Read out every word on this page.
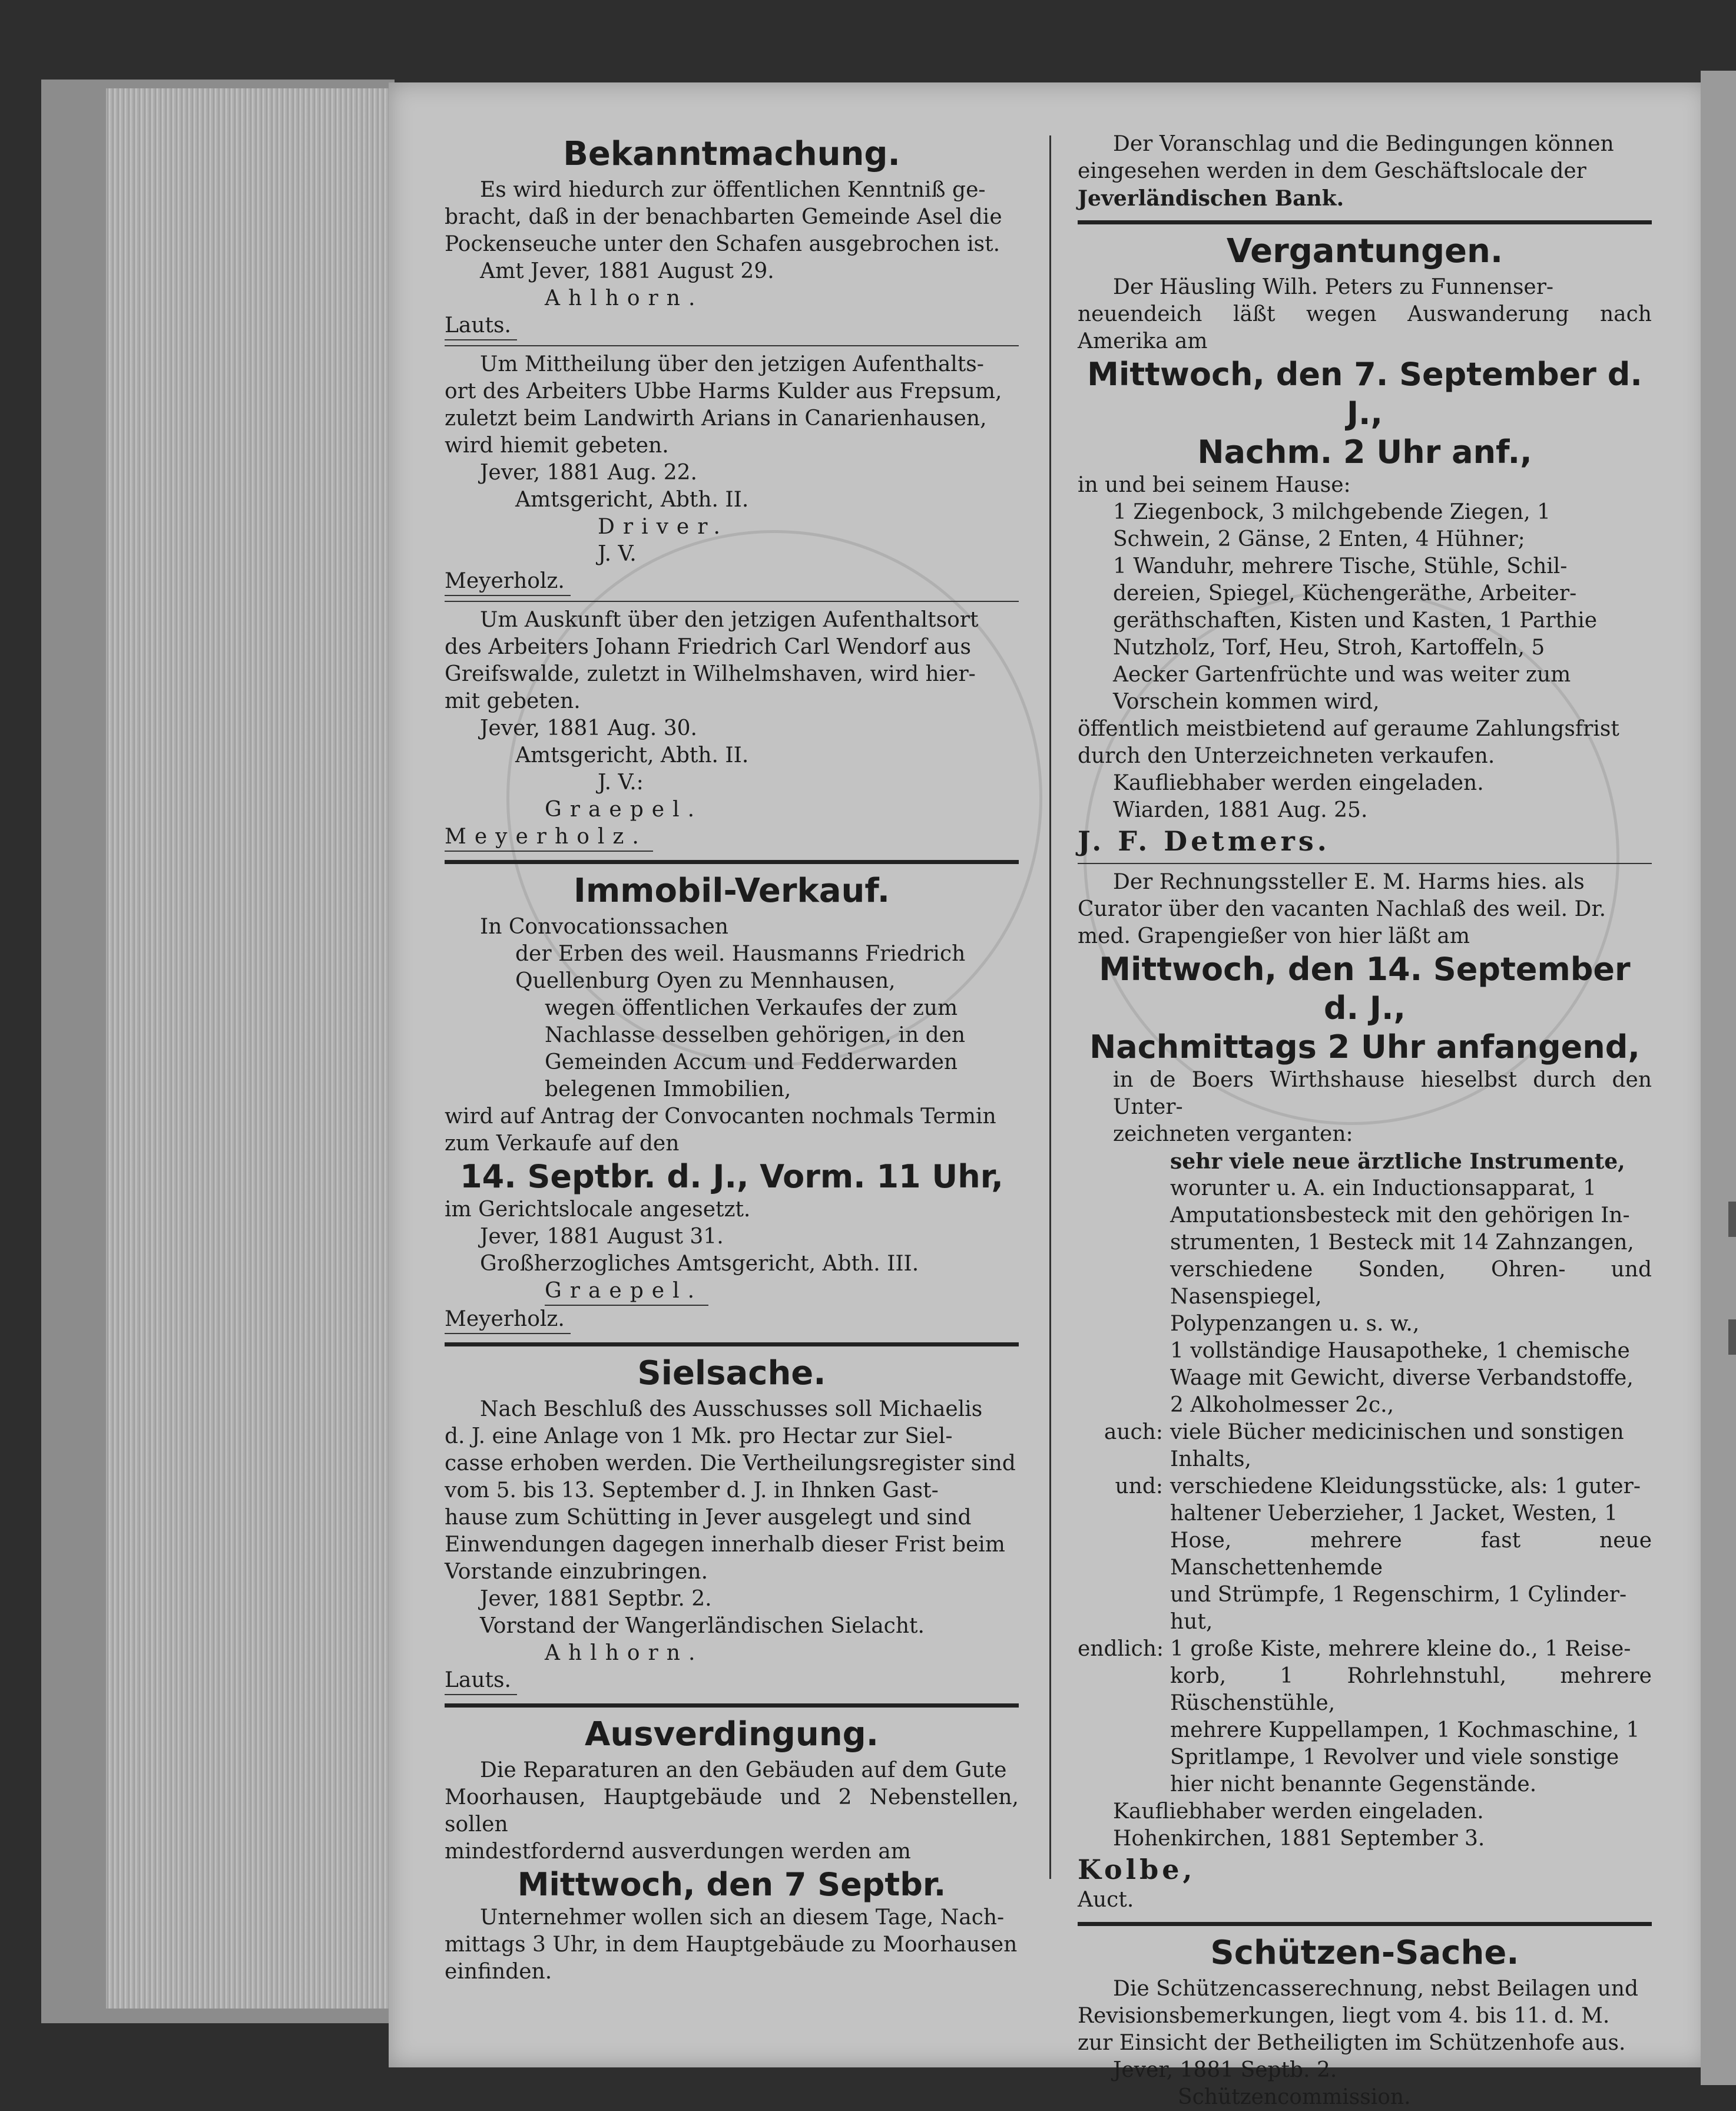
Bekanntmachung.

Es wird hiedurch zur öffentlichen Kenntniß ge-

bracht, daß in der benachbarten Gemeinde Asel die

Pockenseuche unter den Schafen ausgebrochen ist.

Amt Jever, 1881 August 29.

Ahlhorn.

Lauts.

Um Mittheilung über den jetzigen Aufenthalts-

ort des Arbeiters Ubbe Harms Kulder aus Frepsum,

zuletzt beim Landwirth Arians in Canarienhausen,

wird hiemit gebeten.

Jever, 1881 Aug. 22.

Amtsgericht, Abth. II.

Driver.

J. V.

Meyerholz.

Um Auskunft über den jetzigen Aufenthaltsort

des Arbeiters Johann Friedrich Carl Wendorf aus

Greifswalde, zuletzt in Wilhelmshaven, wird hier-

mit gebeten.

Jever, 1881 Aug. 30.

Amtsgericht, Abth. II.

J. V.:

Graepel.

Meyerholz.

Immobil-Verkauf.

In Convocationssachen

der Erben des weil. Hausmanns Friedrich

Quellenburg Oyen zu Mennhausen,

wegen öffentlichen Verkaufes der zum

Nachlasse desselben gehörigen, in den

Gemeinden Accum und Fedderwarden

belegenen Immobilien,

wird auf Antrag der Convocanten nochmals Termin

zum Verkaufe auf den

14. Septbr. d. J., Vorm. 11 Uhr,

im Gerichtslocale angesetzt.

Jever, 1881 August 31.

Großherzogliches Amtsgericht, Abth. III.

Graepel.

Meyerholz.

Sielsache.

Nach Beschluß des Ausschusses soll Michaelis

d. J. eine Anlage von 1 Mk. pro Hectar zur Siel-

casse erhoben werden. Die Vertheilungsregister sind

vom 5. bis 13. September d. J. in Ihnken Gast-

hause zum Schütting in Jever ausgelegt und sind

Einwendungen dagegen innerhalb dieser Frist beim

Vorstande einzubringen.

Jever, 1881 Septbr. 2.

Vorstand der Wangerländischen Sielacht.

Ahlhorn.

Lauts.

Ausverdingung.

Die Reparaturen an den Gebäuden auf dem Gute

Moorhausen, Hauptgebäude und 2 Nebenstellen, sollen

mindestfordernd ausverdungen werden am

Mittwoch, den 7 Septbr.

Unternehmer wollen sich an diesem Tage, Nach-

mittags 3 Uhr, in dem Hauptgebäude zu Moorhausen

einfinden.

Der Voranschlag und die Bedingungen können

eingesehen werden in dem Geschäftslocale der

Jeverländischen Bank.

Vergantungen.

Der Häusling Wilh. Peters zu Funnenser-

neuendeich läßt wegen Auswanderung nach Amerika am

Mittwoch, den 7. September d. J.,
Nachm. 2 Uhr anf.,

in und bei seinem Hause:

1 Ziegenbock, 3 milchgebende Ziegen, 1

Schwein, 2 Gänse, 2 Enten, 4 Hühner;

1 Wanduhr, mehrere Tische, Stühle, Schil-

dereien, Spiegel, Küchengeräthe, Arbeiter-

geräthschaften, Kisten und Kasten, 1 Parthie

Nutzholz, Torf, Heu, Stroh, Kartoffeln, 5

Aecker Gartenfrüchte und was weiter zum

Vorschein kommen wird,

öffentlich meistbietend auf geraume Zahlungsfrist

durch den Unterzeichneten verkaufen.

Kaufliebhaber werden eingeladen.

Wiarden, 1881 Aug. 25.

J. F. Detmers.

Der Rechnungssteller E. M. Harms hies. als

Curator über den vacanten Nachlaß des weil. Dr.

med. Grapengießer von hier läßt am

Mittwoch, den 14. September d. J.,
Nachmittags 2 Uhr anfangend,

in de Boers Wirthshause hieselbst durch den Unter-

zeichneten verganten:

sehr viele neue ärztliche Instrumente,
worunter u. A. ein Inductionsapparat, 1
Amputationsbesteck mit den gehörigen In-
strumenten, 1 Besteck mit 14 Zahnzangen,
verschiedene Sonden, Ohren- und Nasenspiegel,
Polypenzangen u. s. w.,
1 vollständige Hausapotheke, 1 chemische
Waage mit Gewicht, diverse Verbandstoffe,
2 Alkoholmesser 2c.,
auch: viele Bücher medicinischen und sonstigen
Inhalts,
und: verschiedene Kleidungsstücke, als: 1 guter-
haltener Ueberzieher, 1 Jacket, Westen, 1
Hose, mehrere fast neue Manschettenhemde
und Strümpfe, 1 Regenschirm, 1 Cylinder-
hut,
endlich: 1 große Kiste, mehrere kleine do., 1 Reise-
korb, 1 Rohrlehnstuhl, mehrere Rüschenstühle,
mehrere Kuppellampen, 1 Kochmaschine, 1
Spritlampe, 1 Revolver und viele sonstige
hier nicht benannte Gegenstände.

Kaufliebhaber werden eingeladen.

Hohenkirchen, 1881 September 3.

Kolbe,

Auct.

Schützen-Sache.

Die Schützencasserechnung, nebst Beilagen und

Revisionsbemerkungen, liegt vom 4. bis 11. d. M.

zur Einsicht der Betheiligten im Schützenhofe aus.

Jever, 1881 Septb. 2.

Schützencommission.
